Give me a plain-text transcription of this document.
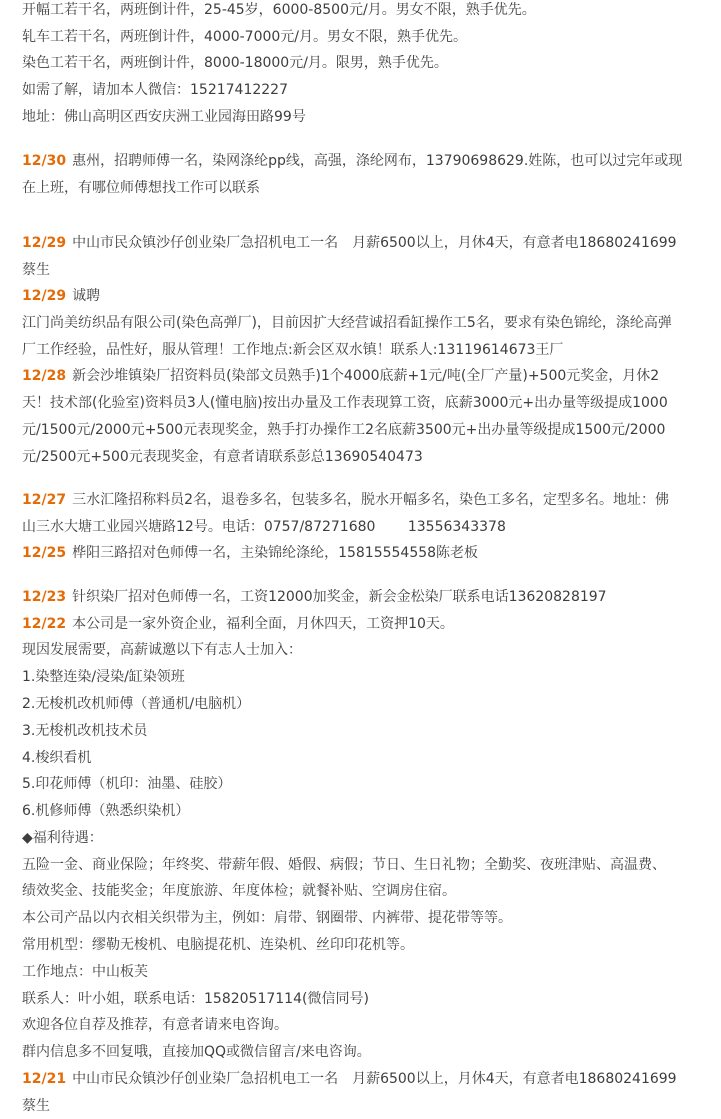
开幅工若干名，两班倒计件，25-45岁，6000-8500元/月。男女不限，熟手优先。
轧车工若干名，两班倒计件，4000-7000元/月。男女不限，熟手优先。
染色工若干名，两班倒计件，8000-18000元/月。限男，熟手优先。
如需了解，请加本人微信：15217412227
地址：佛山高明区西安庆洲工业园海田路99号
12/30 惠州，招聘师傅一名，染网涤纶pp线，高强，涤纶网布，13790698629.姓陈，也可以过完年或现
在上班，有哪位师傅想找工作可以联系
12/29 中山市民众镇沙仔创业染厂急招机电工一名　月薪6500以上，月休4天，有意者电18680241699
蔡生
12/29 诚聘
江门尚美纺织品有限公司(染色高弹厂)，目前因扩大经营诚招看缸操作工5名，要求有染色锦纶，涤纶高弹
厂工作经验，品性好，服从管理！工作地点:新会区双水镇！联系人:13119614673王厂
12/28 新会沙堆镇染厂招资料员(染部文员熟手)1个4000底薪+1元/吨(全厂产量)+500元奖金，月休2
天！技术部(化验室)资料员3人(懂电脑)按出办量及工作表现算工资，底薪3000元+出办量等级提成1000
元/1500元/2000元+500元表现奖金，熟手打办操作工2名底薪3500元+出办量等级提成1500元/2000
元/2500元+500元表现奖金，有意者请联系彭总13690540473
12/27 三水汇隆招称料员2名，退卷多名，包装多名，脱水开幅多名，染色工多名，定型多名。地址：佛
山三水大塘工业园兴塘路12号。电话：0757/87271680　　 13556343378
12/25 桦阳三路招对色师傅一名，主染锦纶涤纶，15815554558陈老板
12/23 针织染厂招对色师傅一名，工资12000加奖金，新会金松染厂联系电话13620828197
12/22 本公司是一家外资企业，福利全面，月休四天，工资押10天。
现因发展需要，高薪诚邀以下有志人士加入：
1.染整连染/浸染/缸染领班
2.无梭机改机师傅（普通机/电脑机）
3.无梭机改机技术员
4.梭织看机
5.印花师傅（机印：油墨、硅胶）
6.机修师傅（熟悉织染机）
◆福利待遇：
五险一金、商业保险；年终奖、带薪年假、婚假、病假；节日、生日礼物；全勤奖、夜班津贴、高温费、
绩效奖金、技能奖金；年度旅游、年度体检；就餐补贴、空调房住宿。
本公司产品以内衣相关织带为主，例如：肩带、钢圈带、内裤带、提花带等等。
常用机型：缪勒无梭机、电脑提花机、连染机、丝印印花机等。
工作地点：中山板芙
联系人：叶小姐，联系电话：15820517114(微信同号)
欢迎各位自荐及推荐，有意者请来电咨询。
群内信息多不回复哦，直接加QQ或微信留言/来电咨询。
12/21 中山市民众镇沙仔创业染厂急招机电工一名　月薪6500以上，月休4天，有意者电18680241699
蔡生
